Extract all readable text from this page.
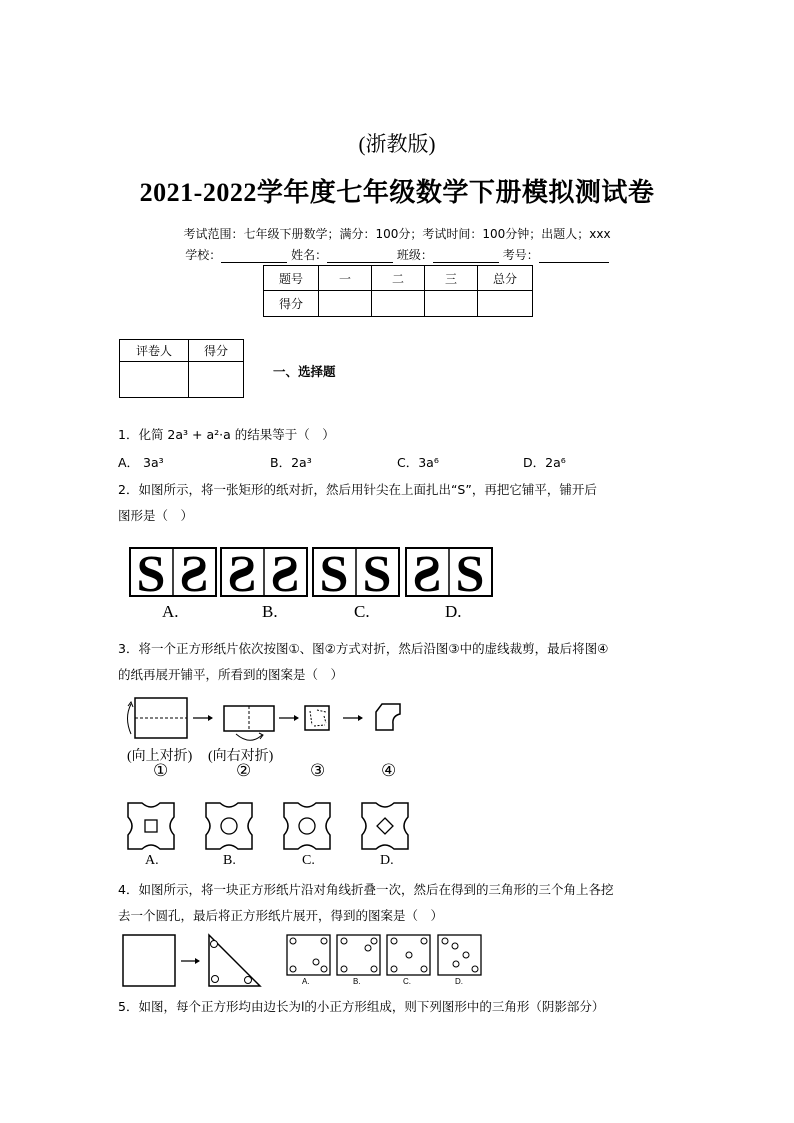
(浙教版)
2021-2022学年度七年级数学下册模拟测试卷
考试范围：七年级下册数学；满分：100分；考试时间：100分钟；出题人；xxx
学校：	姓名：	班级：	考号：
题号	一	二	三	总分
得分				
评卷人	得分

一、选择题
1．化简 2a³ + a²·a 的结果等于（　）
A． 3a³	B．2a³	C．3a⁶	D．2a⁶
2．如图所示，将一张矩形的纸对折，然后用针尖在上面扎出“S”，再把它铺平，铺开后
图形是（　）
S S S S S S S S
A.	B.	C.	D.
3．将一个正方形纸片依次按图①、图②方式对折，然后沿图③中的虚线裁剪，最后将图④
的纸再展开铺平，所看到的图案是（　）
(向上对折) (向右对折)
①	②	③	④
A.	B.	C.	D.
4．如图所示，将一块正方形纸片沿对角线折叠一次，然后在得到的三角形的三个角上各挖
去一个圆孔，最后将正方形纸片展开，得到的图案是（　）
A.	B.	C.	D.
5．如图，每个正方形均由边长为l的小正方形组成，则下列图形中的三角形（阴影部分）
